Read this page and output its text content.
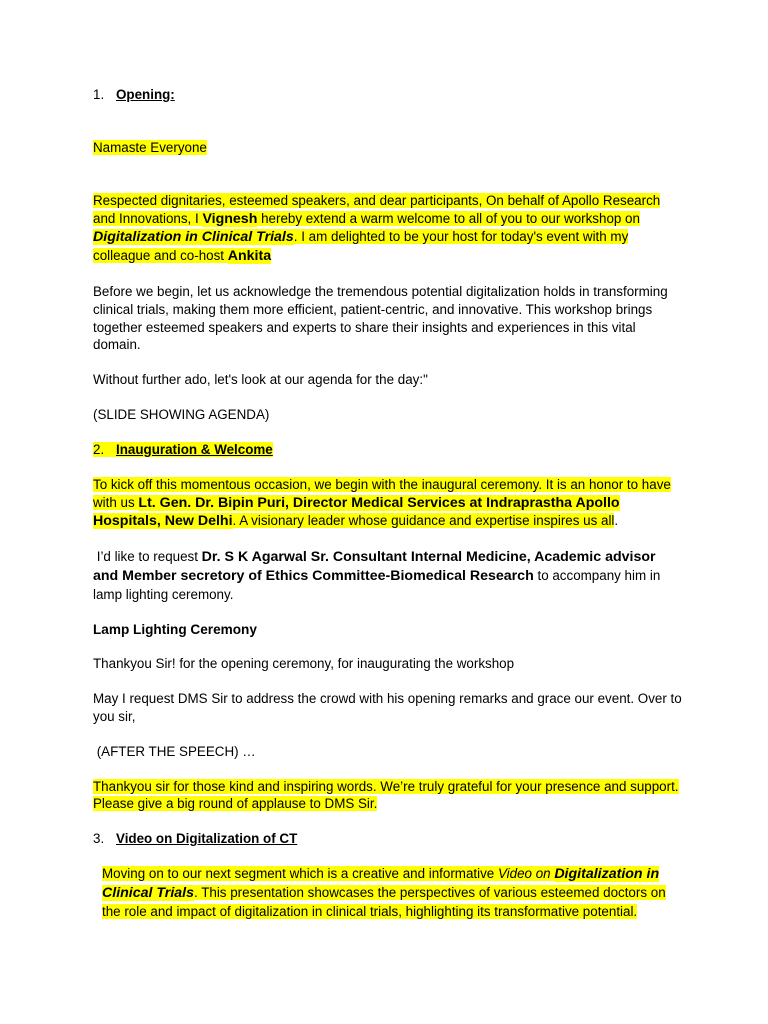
1. Opening:

Namaste Everyone

Respected dignitaries, esteemed speakers, and dear participants, On behalf of Apollo Research and Innovations, I Vignesh hereby extend a warm welcome to all of you to our workshop on Digitalization in Clinical Trials. I am delighted to be your host for today's event with my colleague and co-host Ankita

Before we begin, let us acknowledge the tremendous potential digitalization holds in transforming clinical trials, making them more efficient, patient-centric, and innovative. This workshop brings together esteemed speakers and experts to share their insights and experiences in this vital domain.

Without further ado, let's look at our agenda for the day:"

(SLIDE SHOWING AGENDA)

2. Inauguration & Welcome

To kick off this momentous occasion, we begin with the inaugural ceremony. It is an honor to have with us Lt. Gen. Dr. Bipin Puri, Director Medical Services at Indraprastha Apollo Hospitals, New Delhi. A visionary leader whose guidance and expertise inspires us all.

I’d like to request Dr. S K Agarwal Sr. Consultant Internal Medicine, Academic advisor and Member secretory of Ethics Committee-Biomedical Research to accompany him in lamp lighting ceremony.

Lamp Lighting Ceremony

Thankyou Sir! for the opening ceremony, for inaugurating the workshop

May I request DMS Sir to address the crowd with his opening remarks and grace our event. Over to you sir,

(AFTER THE SPEECH) …

Thankyou sir for those kind and inspiring words. We’re truly grateful for your presence and support. Please give a big round of applause to DMS Sir.

3. Video on Digitalization of CT

Moving on to our next segment which is a creative and informative Video on Digitalization in Clinical Trials. This presentation showcases the perspectives of various esteemed doctors on the role and impact of digitalization in clinical trials, highlighting its transformative potential.
